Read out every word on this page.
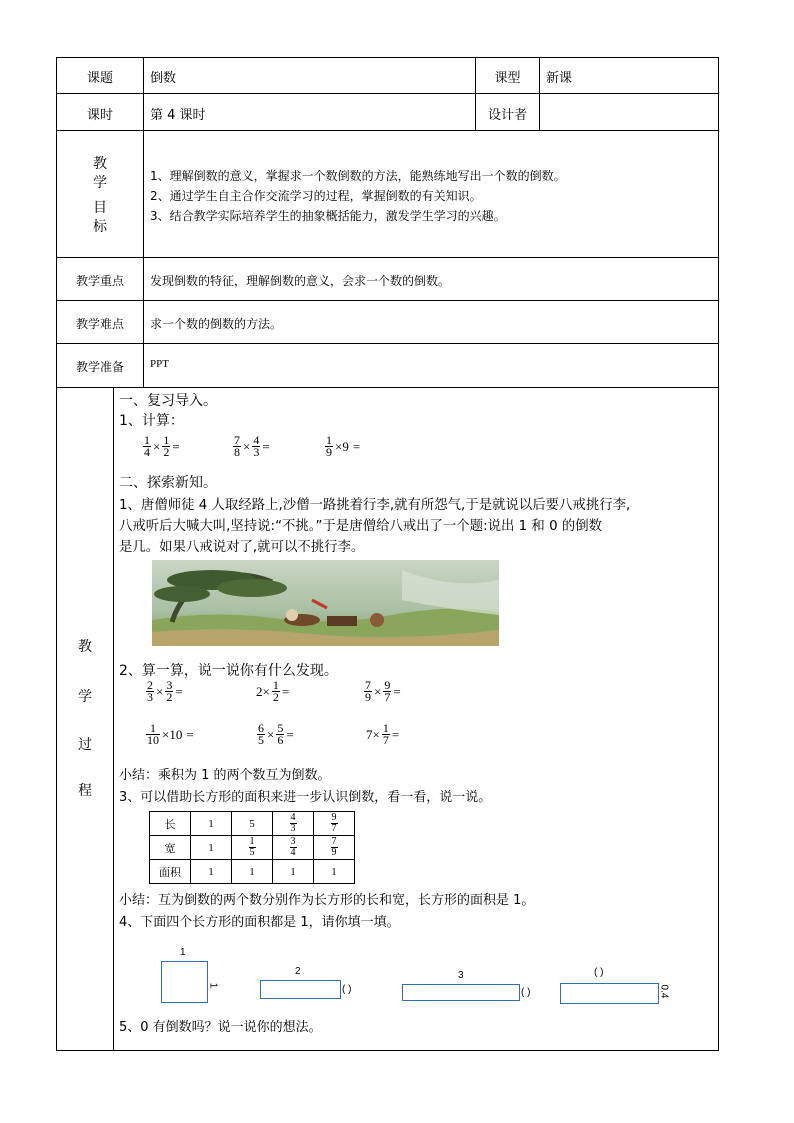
课题	倒数	课型	新课
课时	第 4 课时	设计者
教
学
目
标
1、理解倒数的意义，掌握求一个数倒数的方法，能熟练地写出一个数的倒数。
2、通过学生自主合作交流学习的过程，掌握倒数的有关知识。
3、结合教学实际培养学生的抽象概括能力，激发学生学习的兴趣。
教学重点	发现倒数的特征，理解倒数的意义，会求一个数的倒数。
教学难点	求一个数的倒数的方法。
教学准备	PPT
教
学
过
程
一、复习导入。
1、计算：
$\frac{1}{4} \times \frac{1}{2}$ =	$\frac{7}{8} \times \frac{4}{3}$ =	$\frac{1}{9} \times 9$ =
二、探索新知。
1、唐僧师徒 4 人取经路上,沙僧一路挑着行李,就有所怨气,于是就说以后要八戒挑行李,
八戒听后大喊大叫,坚持说:“不挑。”于是唐僧给八戒出了一个题:说出 1 和 0 的倒数
是几。如果八戒说对了,就可以不挑行李。
2、算一算，说一说你有什么发现。
$\frac{2}{3} \times \frac{3}{2}$ =	$2\times \frac{1}{2}$ =	$\frac{7}{9} \times \frac{9}{7}$ =
$\frac{1}{10} \times 10$ =	$\frac{6}{5} \times \frac{5}{6}$ =	$7\times \frac{1}{7}$ =
小结：乘积为 1 的两个数互为倒数。
3、可以借助长方形的面积来进一步认识倒数，看一看，说一说。
长	1	5	$\frac{4}{3}$	$\frac{9}{7}$

宽	1	$\frac{1}{5}$	$\frac{3}{4}$	$\frac{7}{9}$

面积	1	1	1	1
小结：互为倒数的两个数分别作为长方形的长和宽，长方形的面积是 1。
4、下面四个长方形的面积都是 1，请你填一填。
1
1
2
( )
3
( )
( )
0.4
5、0 有倒数吗？说一说你的想法。
